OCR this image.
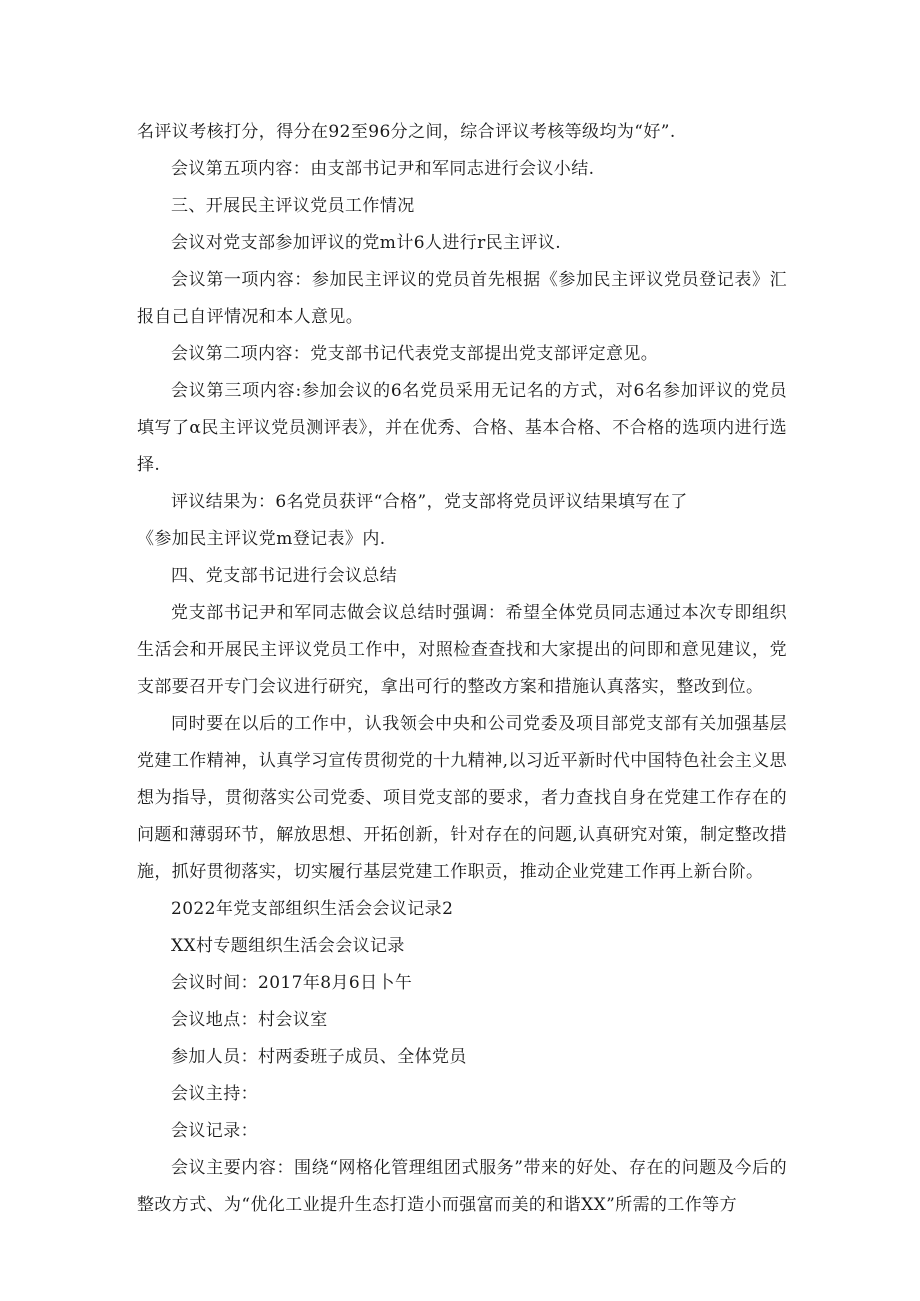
名评议考核打分，得分在92至96分之间，综合评议考核等级均为“好”.

会议第五项内容：由支部书记尹和军同志进行会议小结.

三、开展民主评议党员工作情况

会议对党支部参加评议的党m计6人进行r民主评议.

会议第一项内容：参加民主评议的党员首先根据《参加民主评议党员登记表》汇报自己自评情况和本人意见。

会议第二项内容：党支部书记代表党支部提出党支部评定意见。

会议第三项内容:参加会议的6名党员采用无记名的方式，对6名参加评议的党员填写了α民主评议党员测评表》，并在优秀、合格、基本合格、不合格的选项内进行选择.

评议结果为：6名党员获评“合格”，党支部将党员评议结果填写在了

《参加民主评议党m登记表》内.

四、党支部书记进行会议总结

党支部书记尹和军同志做会议总结时强调：希望全体党员同志通过本次专即组织生活会和开展民主评议党员工作中，对照检查查找和大家提出的问即和意见建议，党支部要召开专门会议进行研究，拿出可行的整改方案和措施认真落实，整改到位。

同时要在以后的工作中，认我领会中央和公司党委及项目部党支部有关加强基层党建工作精神，认真学习宣传贯彻党的十九精神,以习近平新时代中国特色社会主义思想为指导，贯彻落实公司党委、项目党支部的要求，者力查找自身在党建工作存在的问题和薄弱环节，解放思想、开拓创新，针对存在的问题,认真研究对策，制定整改措施，抓好贯彻落实，切实履行基层党建工作职贡，推动企业党建工作再上新台阶。

2022年党支部组织生活会会议记录2

XX村专题组织生活会会议记录

会议时间：2017年8月6日卜午

会议地点：村会议室

参加人员：村两委班子成员、全体党员

会议主持：

会议记录：

会议主要内容：围绕“网格化管理组团式服务”带来的好处、存在的问题及今后的整改方式、为“优化工业提升生态打造小而强富而美的和谐XX”所需的工作等方
